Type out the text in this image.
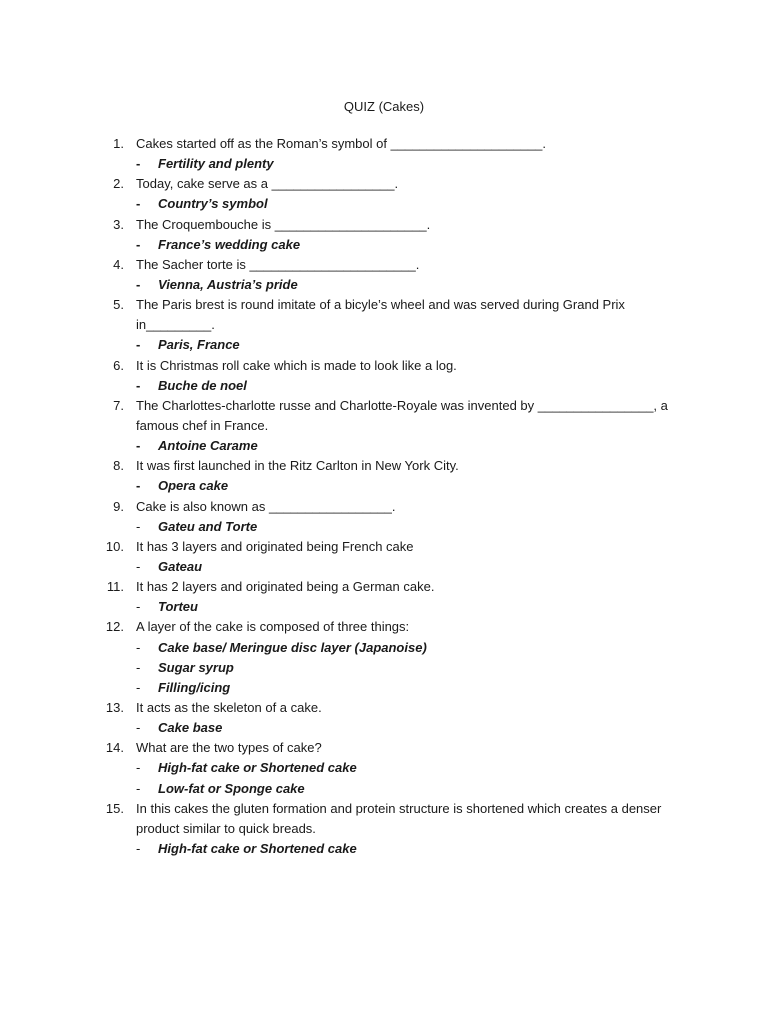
QUIZ (Cakes)
1. Cakes started off as the Roman’s symbol of _____________________.
- Fertility and plenty
2. Today, cake serve as a _________________.
- Country’s symbol
3. The Croquembouche is _____________________.
- France’s wedding cake
4. The Sacher torte is _______________________.
- Vienna, Austria’s pride
5. The Paris brest is round imitate of a bicyle’s wheel and was served during Grand Prix
in_________.
- Paris, France
6. It is Christmas roll cake which is made to look like a log.
- Buche de noel
7. The Charlottes-charlotte russe and Charlotte-Royale was invented by ________________, a
famous chef in France.
- Antoine Carame
8. It was first launched in the Ritz Carlton in New York City.
- Opera cake
9. Cake is also known as _________________.
- Gateu and Torte
10. It has 3 layers and originated being French cake
- Gateau
11. It has 2 layers and originated being a German cake.
- Torteu
12. A layer of the cake is composed of three things:
- Cake base/ Meringue disc layer (Japanoise)
- Sugar syrup
- Filling/icing
13. It acts as the skeleton of a cake.
- Cake base
14. What are the two types of cake?
- High-fat cake or Shortened cake
- Low-fat or Sponge cake
15. In this cakes the gluten formation and protein structure is shortened which creates a denser
product similar to quick breads.
- High-fat cake or Shortened cake
